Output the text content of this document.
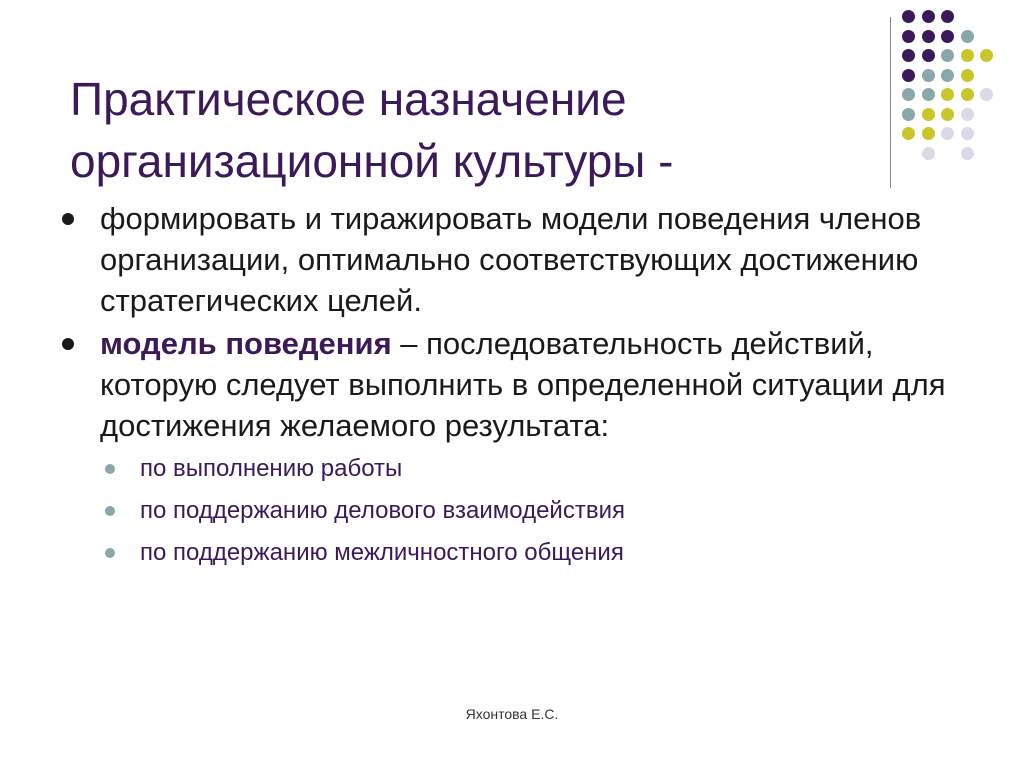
Практическое назначение
организационной культуры -
формировать и тиражировать модели поведения членов организации, оптимально соответствующих достижению стратегических целей.
модель поведения – последовательность действий, которую следует выполнить в определенной ситуации для достижения желаемого результата:
по выполнению работы
по поддержанию делового взаимодействия
по поддержанию межличностного общения
Яхонтова Е.С.
